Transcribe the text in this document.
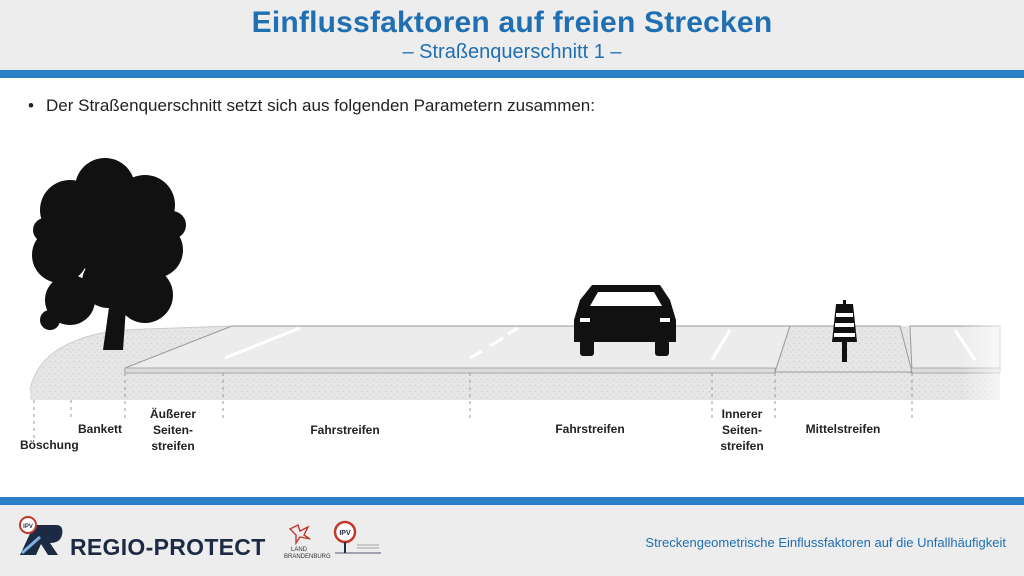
Einflussfaktoren auf freien Strecken
– Straßenquerschnitt 1 –
• Der Straßenquerschnitt setzt sich aus folgenden Parametern zusammen:
Böschung
Bankett
Äußerer
Seiten-
streifen
Fahrstreifen	Fahrstreifen
Innerer
Seiten-
streifen
Mittelstreifen
IPV
REGIO-PROTECT	LAND
BRANDENBURG
IPV
Streckengeometrische Einflussfaktoren auf die Unfallhäufigkeit
